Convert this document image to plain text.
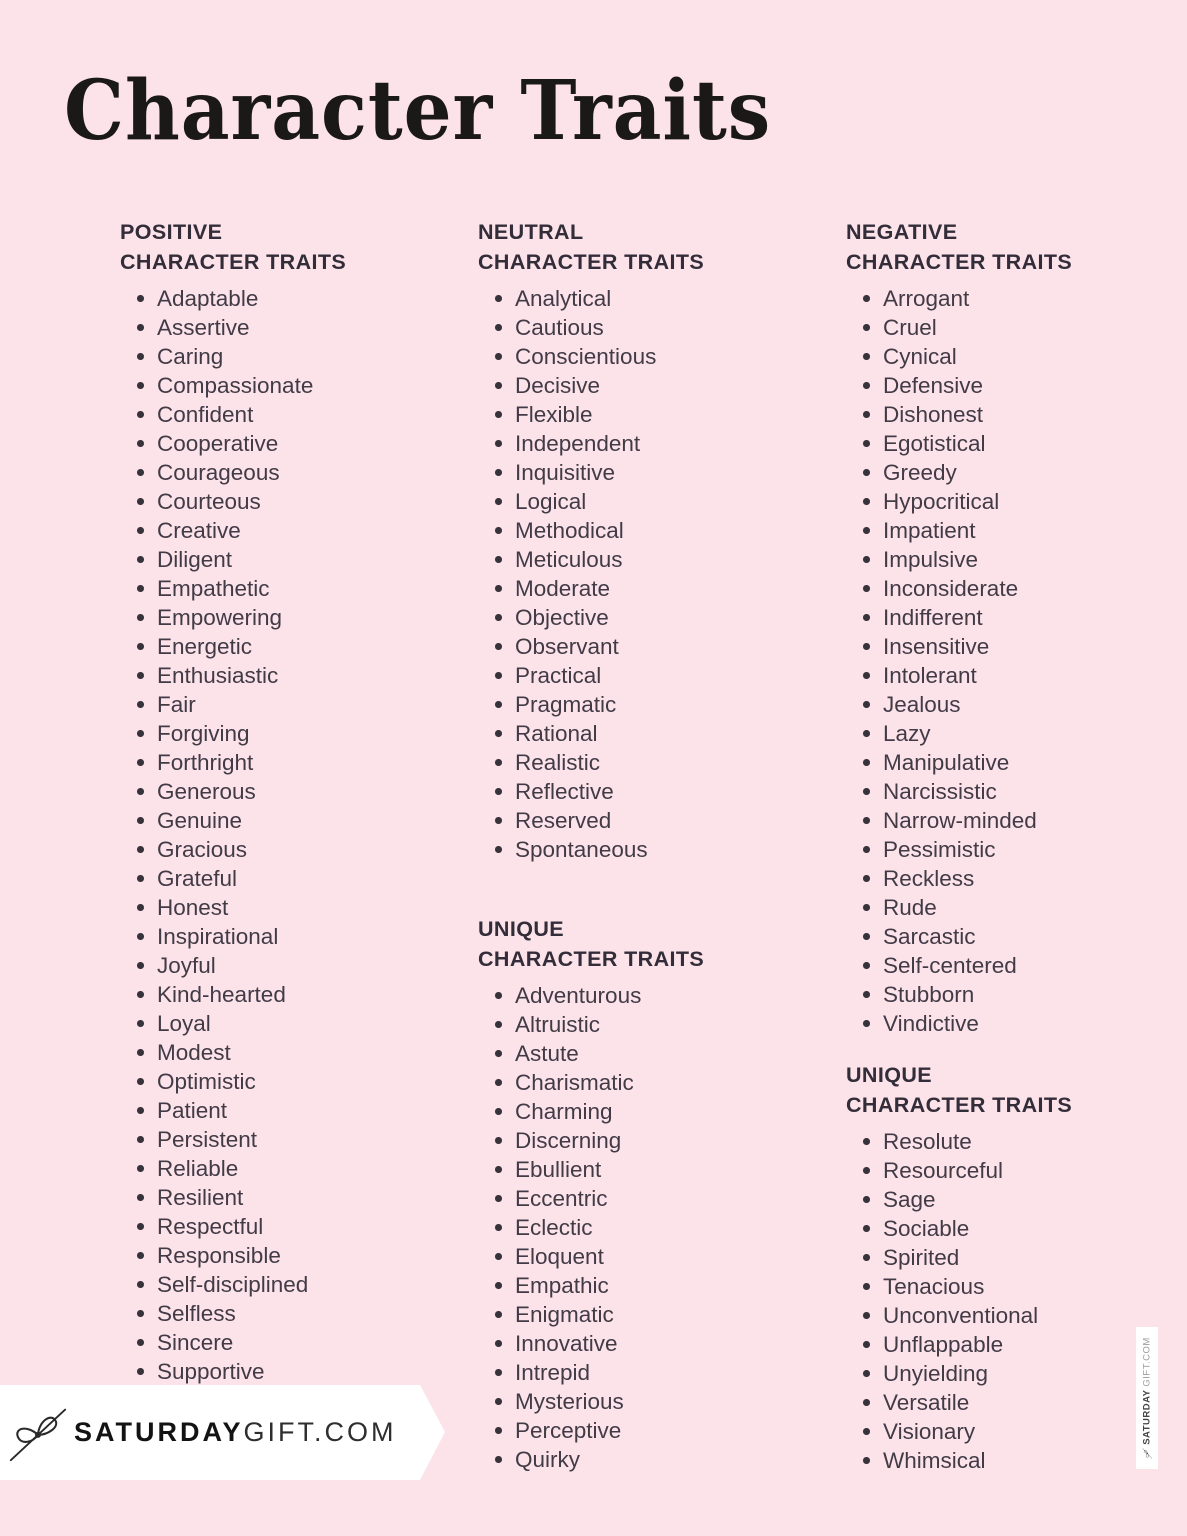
Character Traits
POSITIVE
CHARACTER TRAITS
Adaptable
Assertive
Caring
Compassionate
Confident
Cooperative
Courageous
Courteous
Creative
Diligent
Empathetic
Empowering
Energetic
Enthusiastic
Fair
Forgiving
Forthright
Generous
Genuine
Gracious
Grateful
Honest
Inspirational
Joyful
Kind-hearted
Loyal
Modest
Optimistic
Patient
Persistent
Reliable
Resilient
Respectful
Responsible
Self-disciplined
Selfless
Sincere
Supportive
NEUTRAL
CHARACTER TRAITS
Analytical
Cautious
Conscientious
Decisive
Flexible
Independent
Inquisitive
Logical
Methodical
Meticulous
Moderate
Objective
Observant
Practical
Pragmatic
Rational
Realistic
Reflective
Reserved
Spontaneous
NEGATIVE
CHARACTER TRAITS
Arrogant
Cruel
Cynical
Defensive
Dishonest
Egotistical
Greedy
Hypocritical
Impatient
Impulsive
Inconsiderate
Indifferent
Insensitive
Intolerant
Jealous
Lazy
Manipulative
Narcissistic
Narrow-minded
Pessimistic
Reckless
Rude
Sarcastic
Self-centered
Stubborn
Vindictive
UNIQUE
CHARACTER TRAITS
Adventurous
Altruistic
Astute
Charismatic
Charming
Discerning
Ebullient
Eccentric
Eclectic
Eloquent
Empathic
Enigmatic
Innovative
Intrepid
Mysterious
Perceptive
Quirky
UNIQUE
CHARACTER TRAITS
Resolute
Resourceful
Sage
Sociable
Spirited
Tenacious
Unconventional
Unflappable
Unyielding
Versatile
Visionary
Whimsical
SATURDAYGIFT.COM	SATURDAY
GIFT.COM
